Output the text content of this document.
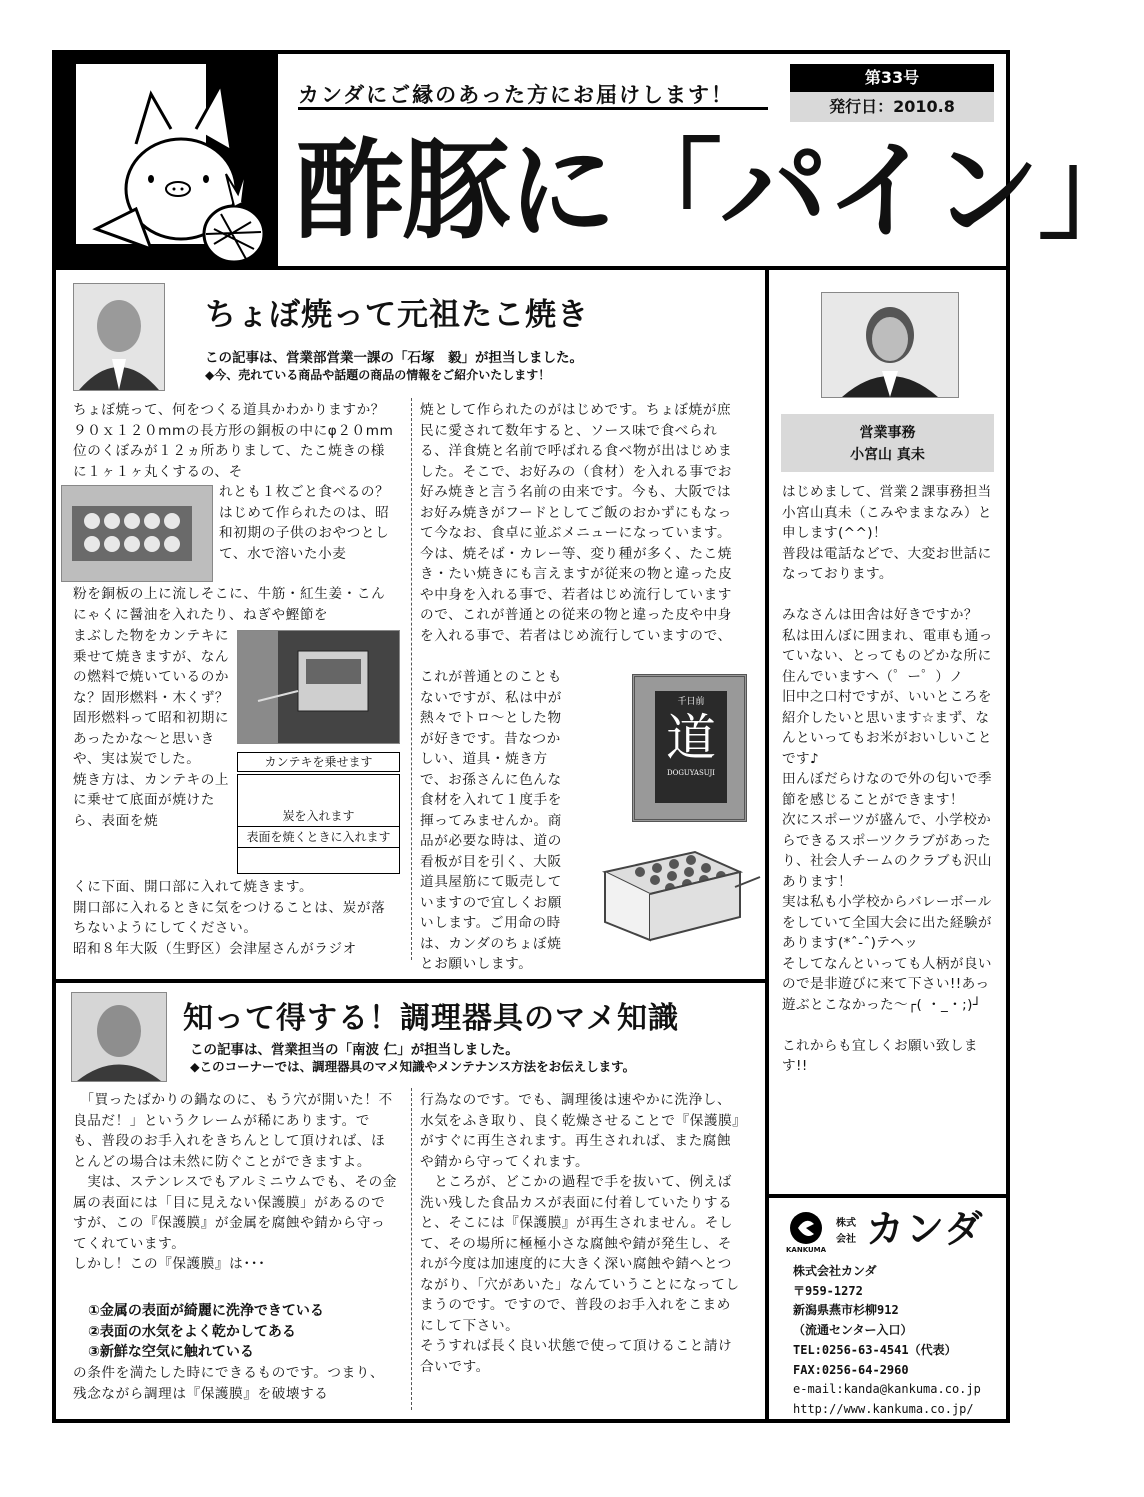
カンダにご縁のあった方にお届けします！
第33号
発行日：2010.8
酢豚に「パイン」
ちょぼ焼って元祖たこ焼き
この記事は、営業部営業一課の「石塚　毅」が担当しました。
◆今、売れている商品や話題の商品の情報をご紹介いたします！
ちょぼ焼って、何をつくる道具かわかりますか？　９０ｘ１２０mmの長方形の銅板の中にφ２０mm位のくぼみが１２ヵ所ありまして、たこ焼きの様に１ヶ１ヶ丸くするの、そ
れとも１枚ごと食べるの？
はじめて作られたのは、昭和初期の子供のおやつとして、水で溶いた小麦
粉を銅板の上に流しそこに、牛筋・紅生姜・こんにゃくに醤油を入れたり、ねぎや鰹節を
まぶした物をカンテキに乗せて焼きますが、なんの燃料で焼いているのかな？固形燃料・木くず？固形燃料って昭和初期にあったかな～と思いきや、実は炭でした。
焼き方は、カンテキの上に乗せて底面が焼けたら、表面を焼
カンテキを乗せます
炭を入れます
表面を焼くときに入れます
くに下面、開口部に入れて焼きます。
開口部に入れるときに気をつけることは、炭が落ちないようにしてください。
昭和８年大阪（生野区）会津屋さんがラジオ
焼として作られたのがはじめです。ちょぼ焼が庶民に愛されて数年すると、ソース味で食べられる、洋食焼と名前で呼ばれる食べ物が出はじめました。そこで、お好みの（食材）を入れる事でお好み焼きと言う名前の由来です。今も、大阪ではお好み焼きがフードとしてご飯のおかずにもなって今なお、食卓に並ぶメニューになっています。今は、焼そば・カレー等、変り種が多く、たこ焼き・たい焼きにも言えますが従来の物と違った皮や中身を入れる事で、若者はじめ流行していますので、これが普通との従来の物と違った皮や中身を入れる事で、若者はじめ流行していますので、
これが普通とのこともないですが、私は中が熱々でトロ～とした物が好きです。昔なつかしい、道具・焼き方で、お孫さんに色んな食材を入れて１度手を揮ってみませんか。商品が必要な時は、道の看板が目を引く、大阪道具屋筋にて販売していますので宜しくお願いします。ご用命の時は、カンダのちょぼ焼とお願いします。
千日前
道
DOGUYASUJI
営業事務
小宮山 真未
はじめまして、営業２課事務担当小宮山真未（こみやままなみ）と申します(^^)！
普段は電話などで、大変お世話になっております。

みなさんは田舎は好きですか？
私は田んぼに囲まれ、電車も通っていない、とってものどかな所に住んでいますヘ（゜ー゜）ノ
旧中之口村ですが、いいところを紹介したいと思います☆まず、なんといってもお米がおいしいことです♪
田んぼだらけなので外の匂いで季節を感じることができます！
次にスポーツが盛んで、小学校からできるスポーツクラブがあったり、社会人チームのクラブも沢山あります！
実は私も小学校からバレーボールをしていて全国大会に出た経験があります(*ˆ-ˆ)テヘッ
そしてなんといっても人柄が良いので是非遊びに来て下さい!!あっ遊ぶとこなかった～┌( ・_・;)┘

これからも宜しくお願い致します!!
KANKUMA
株式
会社 カンダ
株式会社カンダ
〒959-1272
新潟県燕市杉柳912
（流通センター入口）
TEL:0256-63-4541（代表）
FAX:0256-64-2960
e-mail:kanda@kankuma.co.jp
http://www.kankuma.co.jp/
知って得する！調理器具のマメ知識
この記事は、営業担当の「南波 仁」が担当しました。
◆このコーナーでは、調理器具のマメ知識やメンテナンス方法をお伝えします。
　「買ったばかりの鍋なのに、もう穴が開いた！不良品だ！」というクレームが稀にあります。でも、普段のお手入れをきちんとして頂ければ、ほとんどの場合は未然に防ぐことができますよ。
　実は、ステンレスでもアルミニウムでも、その金属の表面には「目に見えない保護膜」があるのですが、この『保護膜』が金属を腐蝕や錆から守ってくれています。
しかし！この『保護膜』は･･･
①金属の表面が綺麗に洗浄できている
②表面の水気をよく乾かしてある
③新鮮な空気に触れている
の条件を満たした時にできるものです。つまり、残念ながら調理は『保護膜』を破壊する
行為なのです。でも、調理後は速やかに洗浄し、水気をふき取り、良く乾燥させることで『保護膜』がすぐに再生されます。再生されれば、また腐蝕や錆から守ってくれます。
　ところが、どこかの過程で手を抜いて、例えば洗い残した食品カスが表面に付着していたりすると、そこには『保護膜』が再生されません。そして、その場所に極極小さな腐蝕や錆が発生し、それが今度は加速度的に大きく深い腐蝕や錆へとつながり、「穴があいた」なんていうことになってしまうのです。ですので、普段のお手入れをこまめにして下さい。
そうすれば長く良い状態で使って頂けること請け合いです。
